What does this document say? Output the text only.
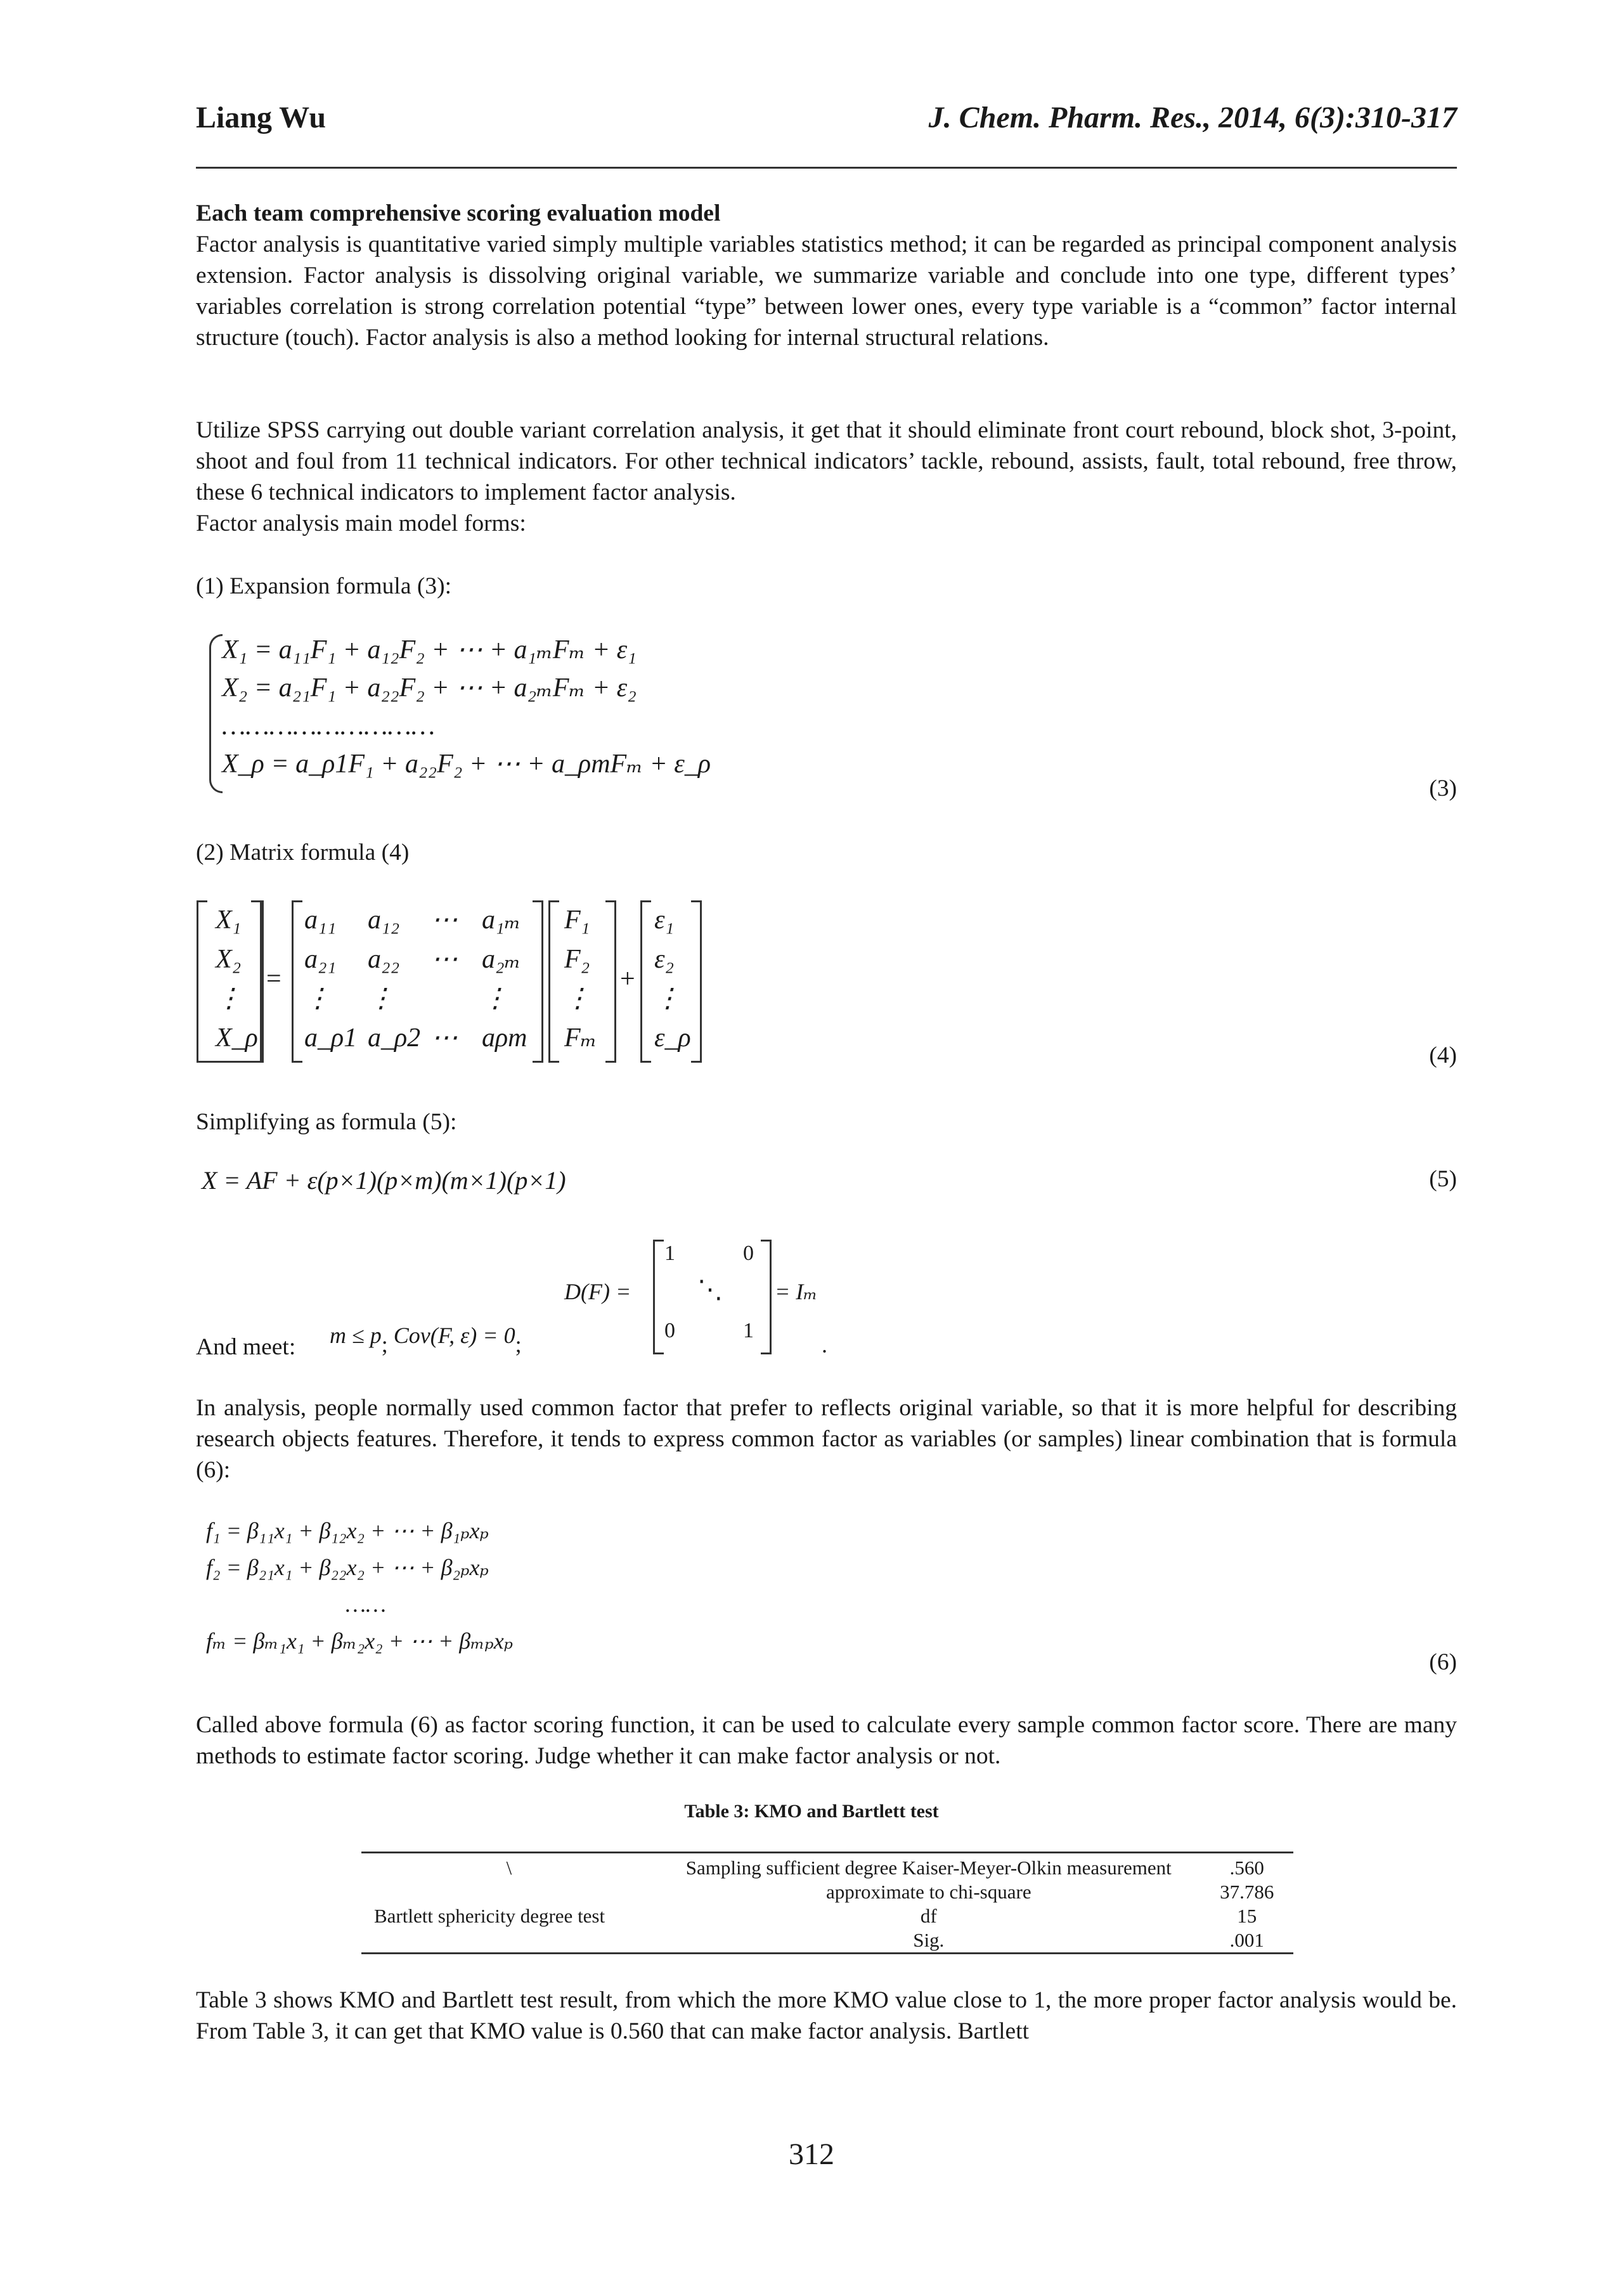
Liang Wu	J. Chem. Pharm. Res., 2014, 6(3):310-317
Each team comprehensive scoring evaluation model
Factor analysis is quantitative varied simply multiple variables statistics method; it can be regarded as principal component analysis extension. Factor analysis is dissolving original variable, we summarize variable and conclude into one type, different types’ variables correlation is strong correlation potential “type” between lower ones, every type variable is a “common” factor internal structure (touch). Factor analysis is also a method looking for internal structural relations.
Utilize SPSS carrying out double variant correlation analysis, it get that it should eliminate front court rebound, block shot, 3-point, shoot and foul from 11 technical indicators. For other technical indicators’ tackle, rebound, assists, fault, total rebound, free throw, these 6 technical indicators to implement factor analysis.
Factor analysis main model forms:
(1) Expansion formula (3):
X₁ = a₁₁F₁ + a₁₂F₂ + ⋯ + a₁ₘFₘ + ε₁
X₂ = a₂₁F₁ + a₂₂F₂ + ⋯ + a₂ₘFₘ + ε₂
………………………
X_ρ = a_ρ1F₁ + a₂₂F₂ + ⋯ + a_ρmFₘ + ε_ρ
(3)
(2) Matrix formula (4)
X₁
X₂
⋮
X_ρ
=
a₁₁	a₁₂	⋯ a₁ₘ
a₂₁	a₂₂	⋯ a₂ₘ
⋮	⋮	⋮
a_ρ1 a_ρ2 ⋯ aρm
F₁
F₂
⋮
Fₘ
+
ε₁
ε₂
⋮
ε_ρ
(4)
Simplifying as formula (5):
X = AF + ε(p×1)(p×m)(m×1)(p×1)	(5)
And meet: m ≤ p; Cov(F, ε) = 0;
D(F) =
1	0
⋱
0	1
= Iₘ
.
In analysis, people normally used common factor that prefer to reflects original variable, so that it is more helpful for describing research objects features. Therefore, it tends to express common factor as variables (or samples) linear combination that is formula (6):
f₁ = β₁₁x₁ + β₁₂x₂ + ⋯ + β₁ₚxₚ
f₂ = β₂₁x₁ + β₂₂x₂ + ⋯ + β₂ₚxₚ
……
fₘ = βₘ₁x₁ + βₘ₂x₂ + ⋯ + βₘₚxₚ
(6)
Called above formula (6) as factor scoring function, it can be used to calculate every sample common factor score. There are many methods to estimate factor scoring. Judge whether it can make factor analysis or not.
Table 3: KMO and Bartlett test
\	Sampling sufficient degree Kaiser-Meyer-Olkin measurement	.560
	approximate to chi-square	37.786
Bartlett sphericity degree test	df	15
	Sig.	.001
Table 3 shows KMO and Bartlett test result, from which the more KMO value close to 1, the more proper factor analysis would be. From Table 3, it can get that KMO value is 0.560 that can make factor analysis. Bartlett
312
